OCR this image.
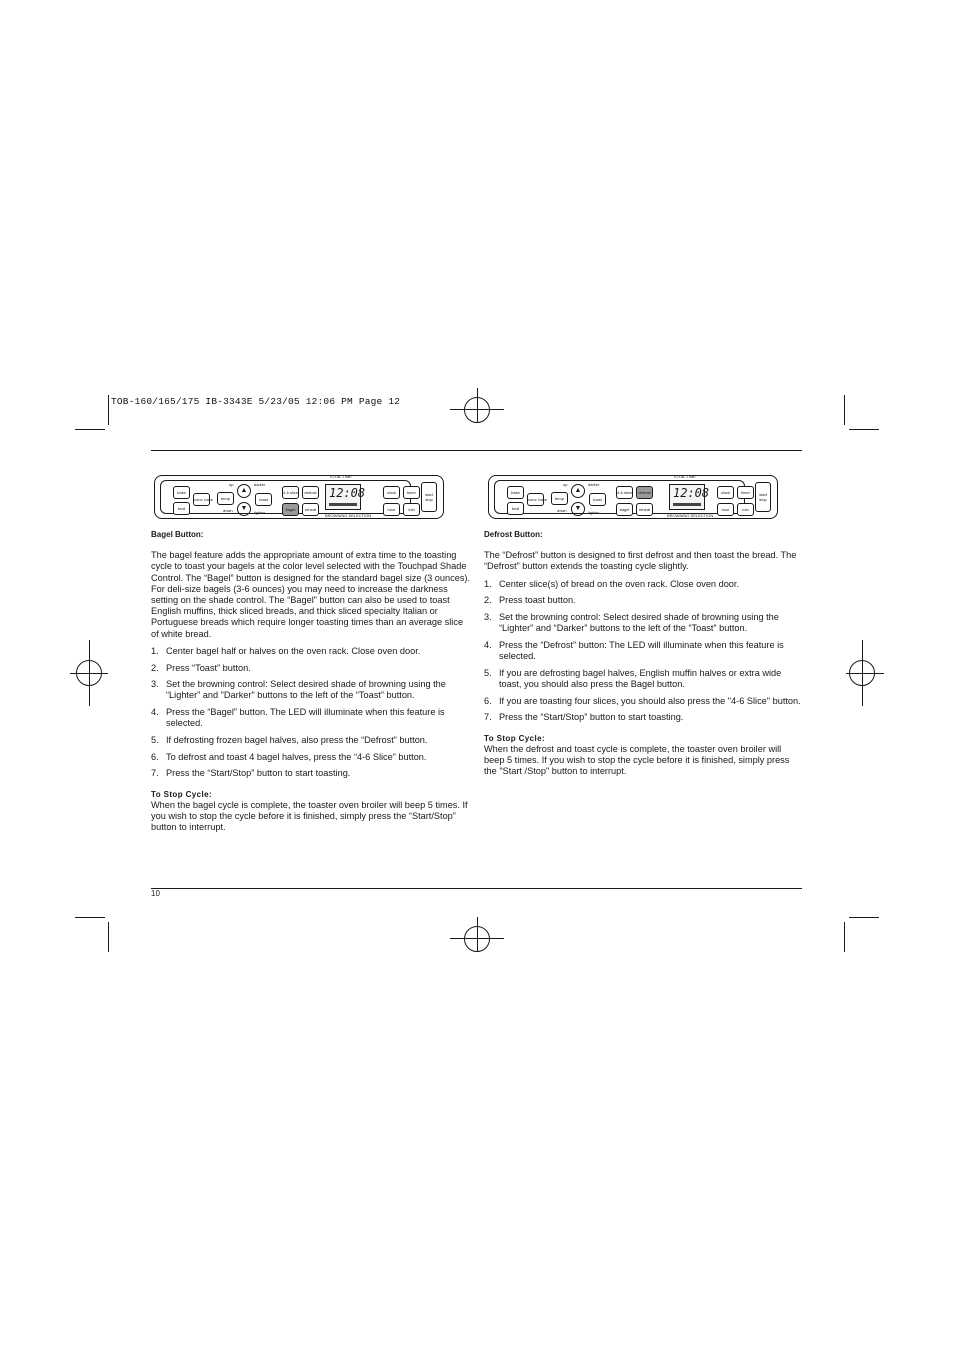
TOB-160/165/175 IB-3343E 5/23/05 12:06 PM Page 12
10
bake
broil
conv. bake	temp
up
▲
▼
down
darker
lighter
toast
4-6 slice	defrost
bagel	reheat
TOTAL TIME
12:08
BROWNING SELECTION
clock	timer
hour	min
start stop
bake
broil
conv. bake	temp
up
▲
▼
down
darker
lighter
toast
4-6 slice	defrost
bagel	reheat
TOTAL TIME
12:08
BROWNING SELECTION
clock	timer
hour	min
start stop

Bagel Button:

The bagel feature adds the appropriate amount of extra time to the toasting cycle to toast your bagels at the color level selected with the Touchpad Shade Control. The “Bagel” button is designed for the standard bagel size (3 ounces). For deli-size bagels (3-6 ounces) you may need to increase the darkness setting on the shade control. The “Bagel” button can also be used to toast English muffins, thick sliced breads, and thick sliced specialty Italian or Portuguese breads which require longer toasting times than an average slice of white bread.

1. Center bagel half or halves on the oven rack. Close oven door.
2. Press “Toast” button.
3. Set the browning control: Select desired shade of browning using the “Lighter” and "Darker" buttons to the left of the “Toast” button.
4. Press the “Bagel” button. The LED will illuminate when this feature is selected.
5. If defrosting frozen bagel halves, also press the “Defrost” button.
6. To defrost and toast 4 bagel halves, press the “4-6 Slice” button.
7. Press the “Start/Stop” button to start toasting.

To Stop Cycle:

When the bagel cycle is complete, the toaster oven broiler will beep 5 times. If you wish to stop the cycle before it is finished, simply press the “Start/Stop” button to interrupt.

Defrost Button:

The “Defrost” button is designed to first defrost and then toast the bread. The “Defrost” button extends the toasting cycle slightly.

1. Center slice(s) of bread on the oven rack. Close oven door.
2. Press toast button.
3. Set the browning control: Select desired shade of browning using the “Lighter” and “Darker” buttons to the left of the “Toast” button.
4. Press the “Defrost” button: The LED will illuminate when this feature is selected.
5. If you are defrosting bagel halves, English muffin halves or extra wide toast, you should also press the Bagel button.
6. If you are toasting four slices, you should also press the "4-6 Slice" button.
7. Press the “Start/Stop” button to start toasting.

To Stop Cycle:

When the defrost and toast cycle is complete, the toaster oven broiler will beep 5 times. If you wish to stop the cycle before it is finished, simply press the "Start /Stop" button to interrupt.
